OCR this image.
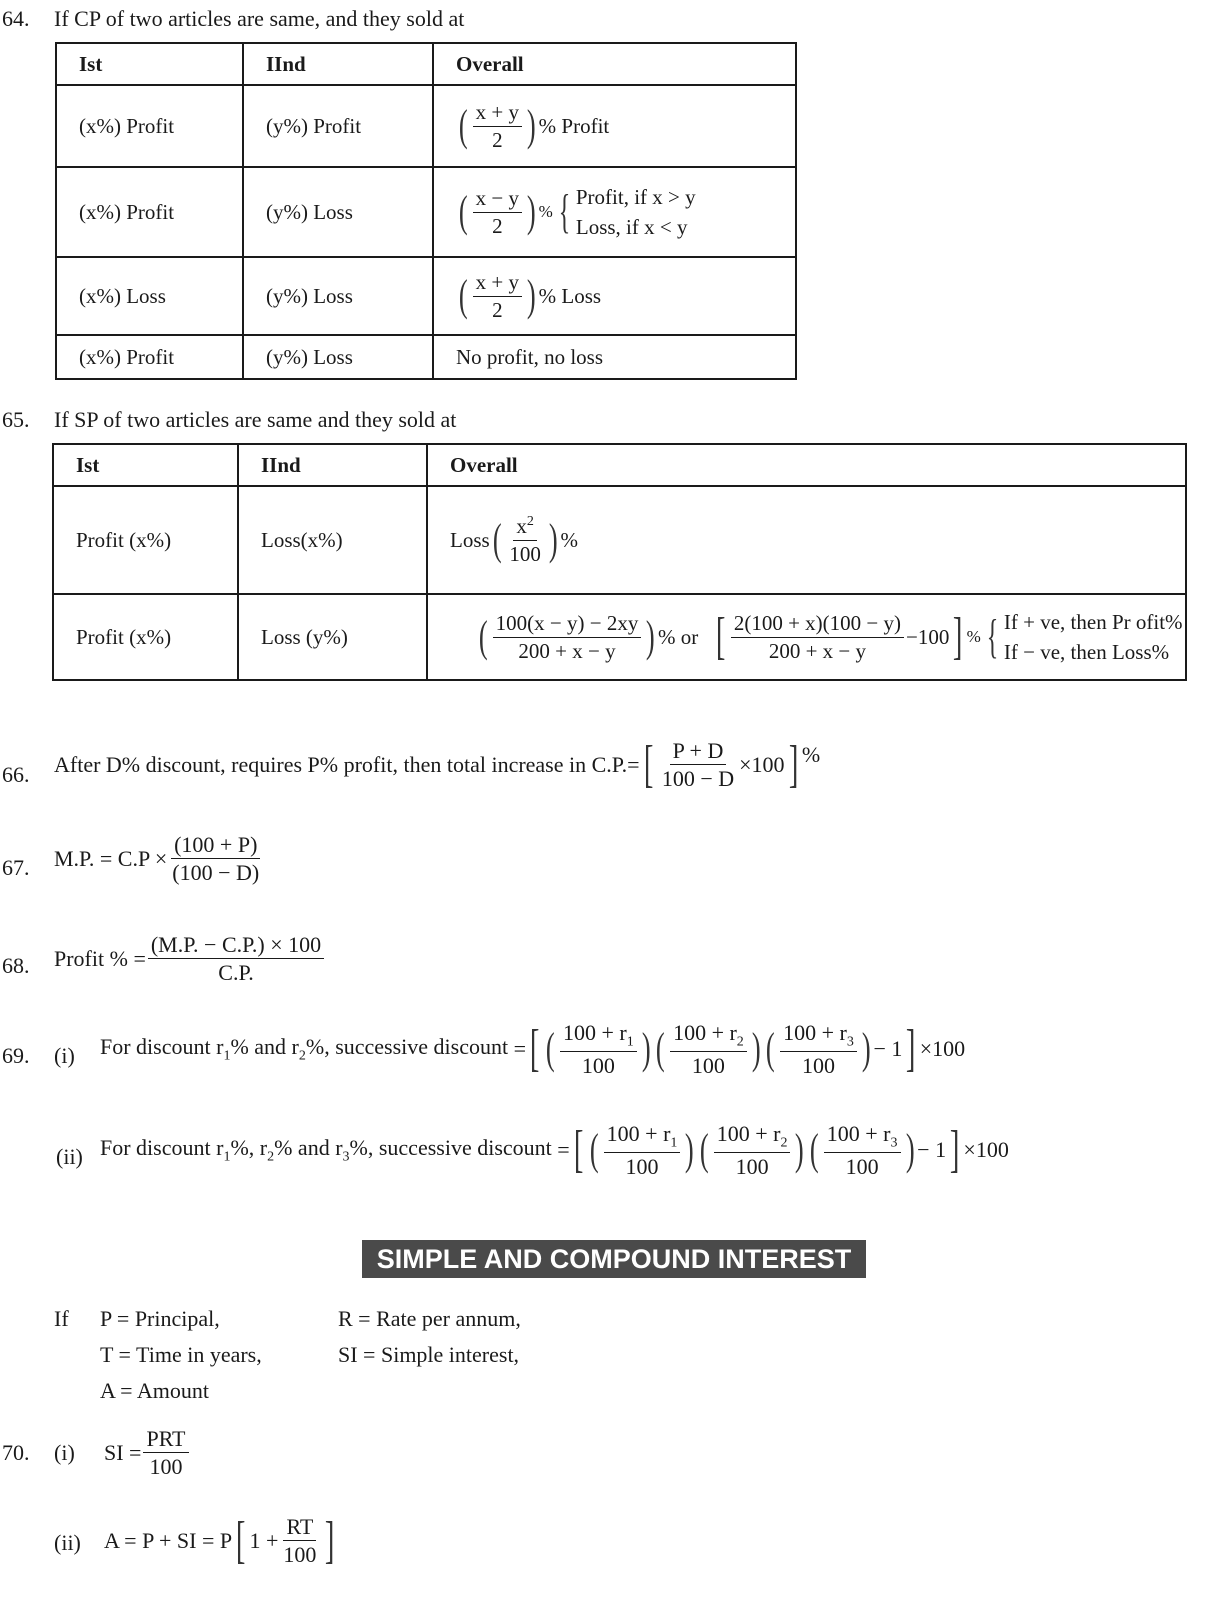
64. If CP of two articles are same, and they sold at
Ist	IInd	Overall
(x%) Profit	(y%) Profit	( $\frac{x + y}{2}$ ) % Profit
(x%) Profit	(y%) Loss	( $\frac{x - y}{2}$ ) % { Profit, if x > y
Loss, if x < y

(x%) Loss	(y%) Loss	( $\frac{x + y}{2}$ ) % Loss
(x%) Profit	(y%) Loss	No profit, no loss
65. If SP of two articles are same and they sold at
Ist	IInd	Overall
Profit (x%)	Loss(x%)	Loss( $\frac{x^2}{100}$ ) %
Profit (x%)	Loss (y%)	( $\frac{100(x - y) - 2xy}{200 + x - y}$ ) % or [ $\frac{2(100 + x)(100 - y)}{200 + x - y} -100$] % { If + ve, then Pr ofit%
If − ve, then Loss%
66. After D% discount, requires P% profit, then total increase in $C.P.=[ \frac{P + D}{100 - D} \times 100]$ %
67. M.P. = $C.P \times \frac{(100 + P)}{(100 - D)}$
68. Profit % = $\frac{(M.P. - C.P.) \times 100}{C.P.}$
69. (i) For discount $r_1\%$ and $r_2\%$, successive discount =[ ( $\frac{100 + r_1}{100}$ ) ( $\frac{100 + r_2}{100}$ ) ( $\frac{100 + r_3}{100}$ ) − 1] ×100
(ii) For discount $r_1\%$, $r_2\%$ and $r_3\%$, successive discount =[ ( $\frac{100 + r_1}{100}$ ) ( $\frac{100 + r_2}{100}$ ) ( $\frac{100 + r_3}{100}$ ) − 1] ×100
SIMPLE AND COMPOUND INTEREST
If P = Principal,	R = Rate per annum,
T = Time in years,	SI = Simple interest,
A = Amount
70. (i) SI = $\frac{\text{PRT}}{100}$
(ii) A = P + SI = P[ $1 + \frac{RT}{100}$ ]
